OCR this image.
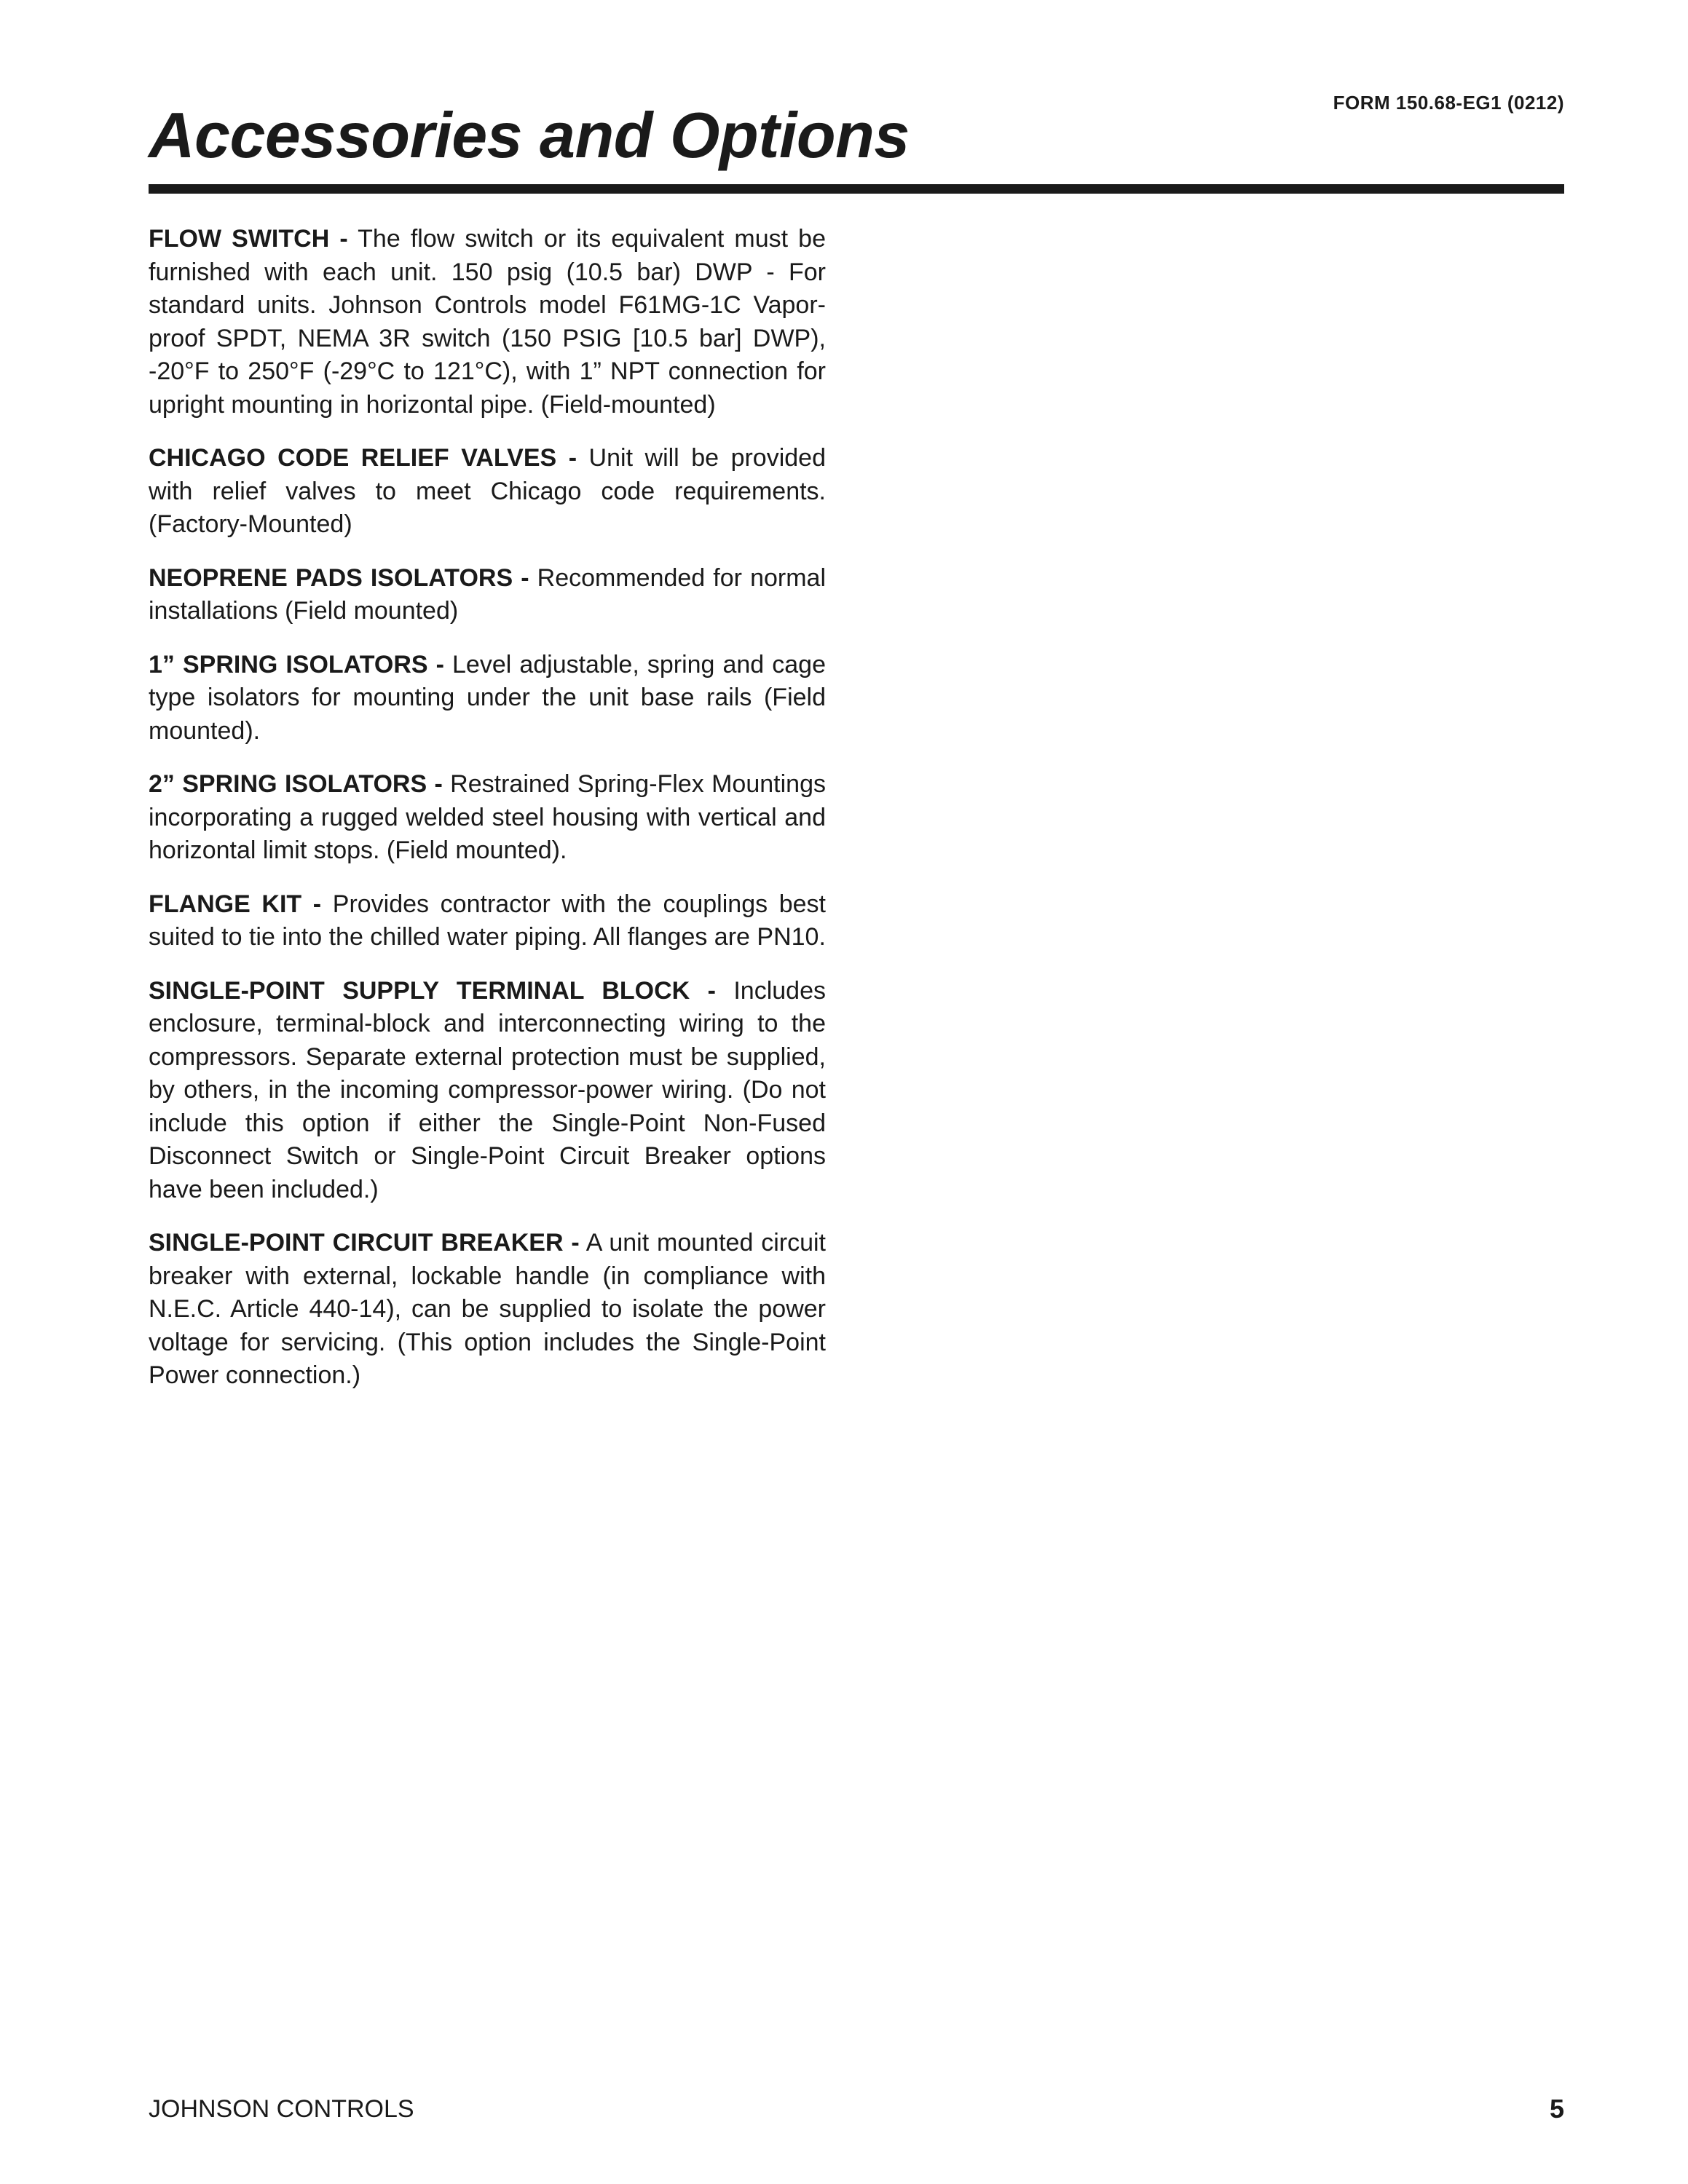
FORM 150.68-EG1 (0212)
Accessories and Options

FLOW SWITCH - The flow switch or its equivalent must be furnished with each unit. 150 psig (10.5 bar) DWP - For standard units. Johnson Controls model F61MG-1C Vapor-proof SPDT, NEMA 3R switch (150 PSIG [10.5 bar] DWP), -20°F to 250°F (-29°C to 121°C), with 1” NPT connection for upright mounting in horizontal pipe. (Field-mounted)

CHICAGO CODE RELIEF VALVES - Unit will be provided with relief valves to meet Chicago code requirements. (Factory-Mounted)

NEOPRENE PADS ISOLATORS - Recommended for normal installations (Field mounted)

1” SPRING ISOLATORS - Level adjustable, spring and cage type isolators for mounting under the unit base rails (Field mounted).

2” SPRING ISOLATORS - Restrained Spring-Flex Mountings incorporating a rugged welded steel housing with vertical and horizontal limit stops. (Field mounted).

FLANGE KIT - Provides contractor with the couplings best suited to tie into the chilled water piping. All flanges are PN10.

SINGLE-POINT SUPPLY TERMINAL BLOCK - Includes enclosure, terminal-block and interconnecting wiring to the compressors. Separate external protection must be supplied, by others, in the incoming compressor-power wiring. (Do not include this option if either the Single-Point Non-Fused Disconnect Switch or Single-Point Circuit Breaker options have been included.)

SINGLE-POINT CIRCUIT BREAKER - A unit mounted circuit breaker with external, lockable handle (in compliance with N.E.C. Article 440-14), can be supplied to isolate the power voltage for servicing. (This option includes the Single-Point Power connection.)

JOHNSON CONTROLS	5
